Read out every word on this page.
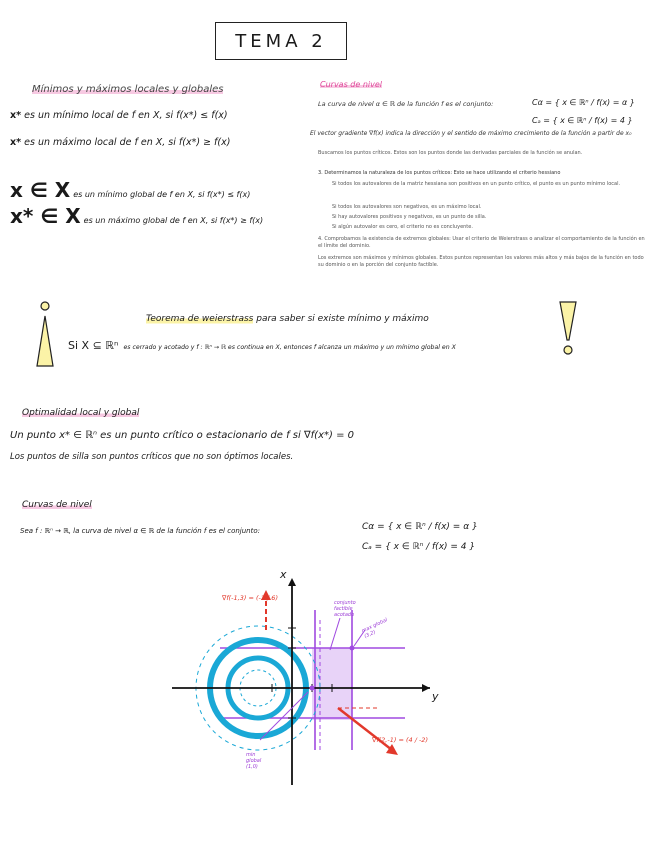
TEMA 2
Mínimos y máximos locales y globales
x* es un mínimo local de f en X, si f(x*) ≤ f(x)
x* es un máximo local de f en X, si f(x*) ≥ f(x)
x ∈ X es un mínimo global de f en X, si f(x*) ≤ f(x)
x* ∈ X es un máximo global de f en X, si f(x*) ≥ f(x)
Curvas de nivel
La curva de nivel α ∈ ℝ de la función f es el conjunto:	Cα = { x ∈ ℝⁿ / f(x) = α }
Cₐ = { x ∈ ℝⁿ / f(x) = 4 }
El vector gradiente ∇f(x) indica la dirección y el sentido de máximo crecimiento de la función a partir de x₀
Buscamos los puntos críticos. Estos son los puntos donde las derivadas parciales de la función se anulan.
3. Determinamos la naturaleza de los puntos críticos: Esto se hace utilizando el criterio hessiano
Si todos los autovalores de la matriz hessiana son positivos en un punto crítico, el punto es un punto mínimo local.
Si todos los autovalores son negativos, es un máximo local.
Si hay autovalores positivos y negativos, es un punto de silla.
Si algún autovalor es cero, el criterio no es concluyente.
4. Comprobamos la existencia de extremos globales: Usar el criterio de Weierstrass o analizar el comportamiento de la función en el límite del dominio.
Los extremos son máximos y mínimos globales. Estos puntos representan los valores más altos y más bajos de la función en todo su dominio o en la porción del conjunto factible.
Teorema de weierstrass para saber si existe mínimo y máximo
Si X ⊆ ℝⁿ es cerrado y acotado y f : ℝⁿ → ℝ es continua en X, entonces f alcanza un máximo y un mínimo global en X
Optimalidad local y global
Un punto x* ∈ ℝⁿ es un punto crítico o estacionario de f si ∇f(x*) = 0
Los puntos de silla son puntos críticos que no son óptimos locales.
Curvas de nivel
Sea f : ℝⁿ → ℝ, la curva de nivel α ∈ ℝ de la función f es el conjunto:	Cα = { x ∈ ℝⁿ / f(x) = α }
Cₐ = { x ∈ ℝⁿ / f(x) = 4 }
x
y
∇f(-1,3) = (-2 / 6)
∇f(2,-1) = (4 / -2)
conjunto factible acotado
max global (3,2)
min global (1,0)
